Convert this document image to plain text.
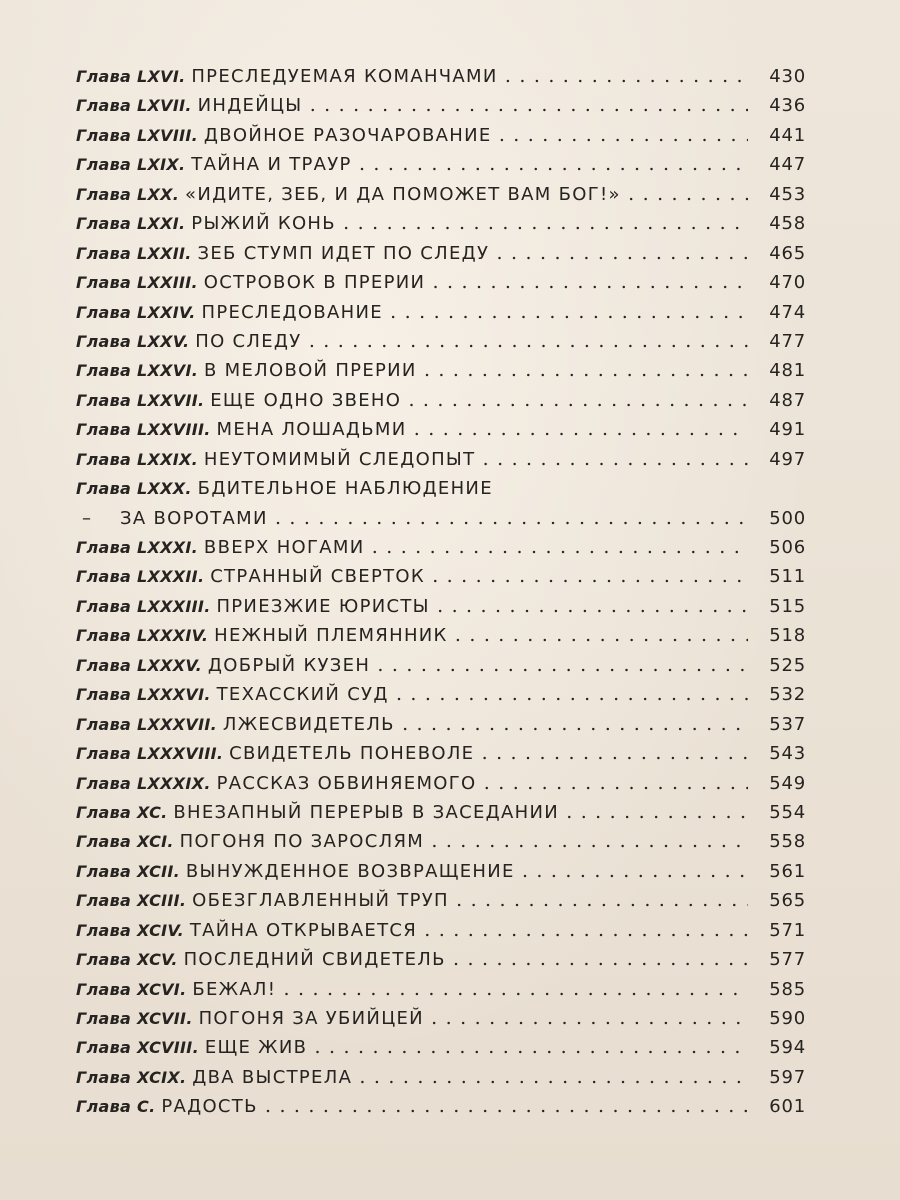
Глава LXVI. ПРЕСЛЕДУЕМАЯ КОМАНЧАМИ . . .	430
Глава LXVII. ИНДЕЙЦЫ . . .	436
Глава LXVIII. ДВОЙНОЕ РАЗОЧАРОВАНИЕ . . .	441
Глава LXIX. ТАЙНА И ТРАУР . . .	447
Глава LXX. «ИДИТЕ, ЗЕБ, И ДА ПОМОЖЕТ ВАМ БОГ!» . . .	453
Глава LXXI. РЫЖИЙ КОНЬ . . .	458
Глава LXXII. ЗЕБ СТУМП ИДЕТ ПО СЛЕДУ . . .	465
Глава LXXIII. ОСТРОВОК В ПРЕРИИ . . .	470
Глава LXXIV. ПРЕСЛЕДОВАНИЕ . . .	474
Глава LXXV. ПО СЛЕДУ . . .	477
Глава LXXVI. В МЕЛОВОЙ ПРЕРИИ . . .	481
Глава LXXVII. ЕЩЕ ОДНО ЗВЕНО . . .	487
Глава LXXVIII. МЕНА ЛОШАДЬМИ . . .	491
Глава LXXIX. НЕУТОМИМЫЙ СЛЕДОПЫТ . . .	497
Глава LXXX. БДИТЕЛЬНОЕ НАБЛЮДЕНИЕ
–	ЗА ВОРОТАМИ . . .	500
Глава LXXXI. ВВЕРХ НОГАМИ . . .	506
Глава LXXXII. СТРАННЫЙ СВЕРТОК . . .	511
Глава LXXXIII. ПРИЕЗЖИЕ ЮРИСТЫ . . .	515
Глава LXXXIV. НЕЖНЫЙ ПЛЕМЯННИК . . .	518
Глава LXXXV. ДОБРЫЙ КУЗЕН . . .	525
Глава LXXXVI. ТЕХАССКИЙ СУД . . .	532
Глава LXXXVII. ЛЖЕСВИДЕТЕЛЬ . . .	537
Глава LXXXVIII. СВИДЕТЕЛЬ ПОНЕВОЛЕ . . .	543
Глава LXXXIX. РАССКАЗ ОБВИНЯЕМОГО . . .	549
Глава XC. ВНЕЗАПНЫЙ ПЕРЕРЫВ В ЗАСЕДАНИИ . . .	554
Глава XCI. ПОГОНЯ ПО ЗАРОСЛЯМ . . .	558
Глава XCII. ВЫНУЖДЕННОЕ ВОЗВРАЩЕНИЕ . . .	561
Глава XCIII. ОБЕЗГЛАВЛЕННЫЙ ТРУП . . .	565
Глава XCIV. ТАЙНА ОТКРЫВАЕТСЯ . . .	571
Глава XCV. ПОСЛЕДНИЙ СВИДЕТЕЛЬ . . .	577
Глава XCVI. БЕЖАЛ! . . .	585
Глава XCVII. ПОГОНЯ ЗА УБИЙЦЕЙ . . .	590
Глава XCVIII. ЕЩЕ ЖИВ . . .	594
Глава XCIX. ДВА ВЫСТРЕЛА . . .	597
Глава C. РАДОСТЬ . . .	601
